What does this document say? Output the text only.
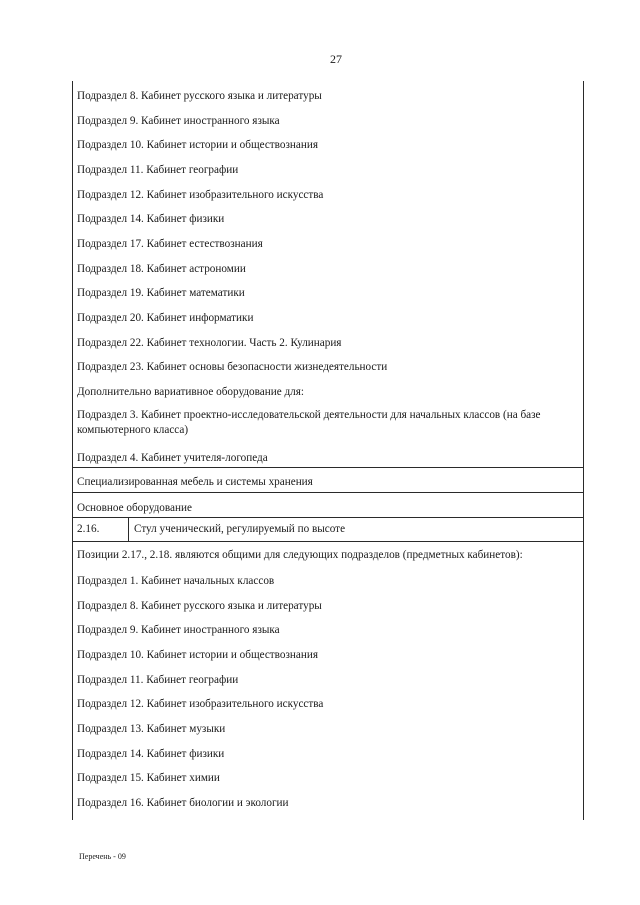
27
Подраздел 8. Кабинет русского языка и литературы
Подраздел 9. Кабинет иностранного языка
Подраздел 10. Кабинет истории и обществознания
Подраздел 11. Кабинет географии
Подраздел 12. Кабинет изобразительного искусства
Подраздел 14. Кабинет физики
Подраздел 17. Кабинет естествознания
Подраздел 18. Кабинет астрономии
Подраздел 19. Кабинет математики
Подраздел 20. Кабинет информатики
Подраздел 22. Кабинет технологии. Часть 2. Кулинария
Подраздел 23. Кабинет основы безопасности жизнедеятельности
Дополнительно вариативное оборудование для:
Подраздел 3. Кабинет проектно-исследовательской деятельности для начальных классов (на базе компьютерного класса)
Подраздел 4. Кабинет учителя-логопеда
Специализированная мебель и системы хранения
Основное оборудование
2.16.	Стул ученический, регулируемый по высоте
Позиции 2.17., 2.18. являются общими для следующих подразделов (предметных кабинетов):
Подраздел 1. Кабинет начальных классов
Подраздел 8. Кабинет русского языка и литературы
Подраздел 9. Кабинет иностранного языка
Подраздел 10. Кабинет истории и обществознания
Подраздел 11. Кабинет географии
Подраздел 12. Кабинет изобразительного искусства
Подраздел 13. Кабинет музыки
Подраздел 14. Кабинет физики
Подраздел 15. Кабинет химии
Подраздел 16. Кабинет биологии и экологии
Перечень - 09
